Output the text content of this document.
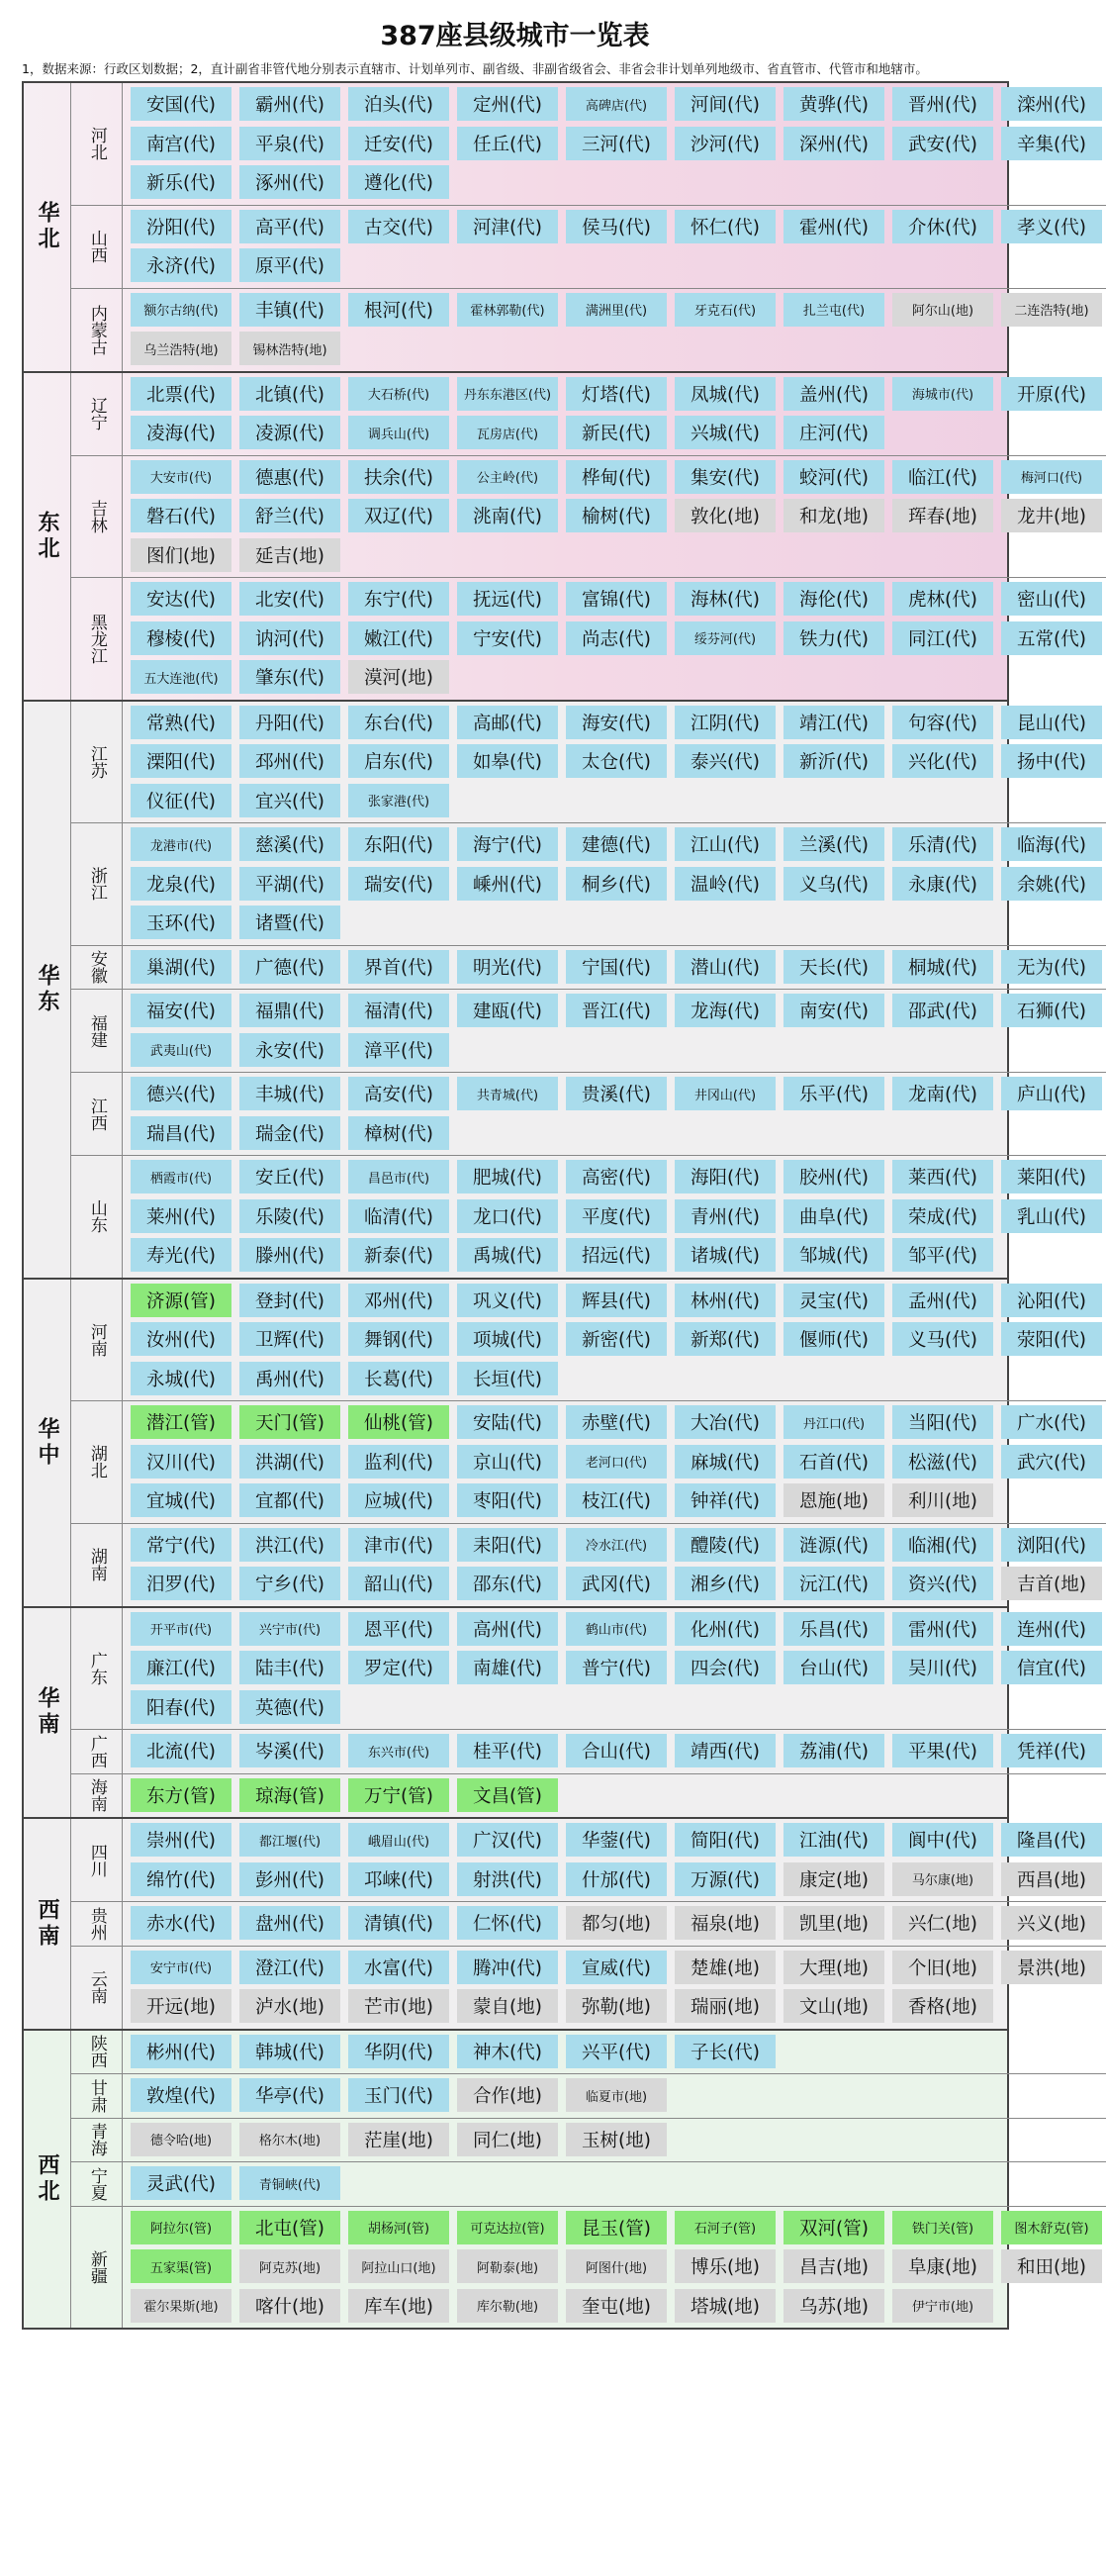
387座县级城市一览表
1，数据来源：行政区划数据；2，直计副省非管代地分别表示直辖市、计划单列市、副省级、非副省级省会、非省会非计划单列地级市、省直管市、代管市和地辖市。
华北
河北
安国(代)	霸州(代)	泊头(代)	定州(代)	高碑店(代)	河间(代)	黄骅(代)	晋州(代)	滦州(代)
南宫(代)	平泉(代)	迁安(代)	任丘(代)	三河(代)	沙河(代)	深州(代)	武安(代)	辛集(代)
新乐(代)	涿州(代)	遵化(代)
山西
汾阳(代)	高平(代)	古交(代)	河津(代)	侯马(代)	怀仁(代)	霍州(代)	介休(代)	孝义(代)
永济(代)	原平(代)
内蒙古	额尔古纳(代)	丰镇(代)	根河(代)	霍林郭勒(代)	满洲里(代)	牙克石(代)	扎兰屯(代)	阿尔山(地)	二连浩特(地)
乌兰浩特(地)	锡林浩特(地)
东北
辽宁
北票(代)	北镇(代)	大石桥(代)	丹东东港区(代)	灯塔(代)	凤城(代)	盖州(代)	海城市(代)	开原(代)
凌海(代)	凌源(代)	调兵山(代)	瓦房店(代)	新民(代)	兴城(代)	庄河(代)
吉林
大安市(代)	德惠(代)	扶余(代)	公主岭(代)	桦甸(代)	集安(代)	蛟河(代)	临江(代)	梅河口(代)
磐石(代)	舒兰(代)	双辽(代)	洮南(代)	榆树(代)	敦化(地)	和龙(地)	珲春(地)	龙井(地)
图们(地)	延吉(地)
黑龙江
安达(代)	北安(代)	东宁(代)	抚远(代)	富锦(代)	海林(代)	海伦(代)	虎林(代)	密山(代)
穆棱(代)	讷河(代)	嫩江(代)	宁安(代)	尚志(代)	绥芬河(代)	铁力(代)	同江(代)	五常(代)
五大连池(代)	肇东(代)	漠河(地)
华东
江苏
常熟(代)	丹阳(代)	东台(代)	高邮(代)	海安(代)	江阴(代)	靖江(代)	句容(代)	昆山(代)
溧阳(代)	邳州(代)	启东(代)	如皋(代)	太仓(代)	泰兴(代)	新沂(代)	兴化(代)	扬中(代)
仪征(代)	宜兴(代)	张家港(代)
浙江
龙港市(代)	慈溪(代)	东阳(代)	海宁(代)	建德(代)	江山(代)	兰溪(代)	乐清(代)	临海(代)
龙泉(代)	平湖(代)	瑞安(代)	嵊州(代)	桐乡(代)	温岭(代)	义乌(代)	永康(代)	余姚(代)
玉环(代)	诸暨(代)
安徽	巢湖(代)	广德(代)	界首(代)	明光(代)	宁国(代)	潜山(代)	天长(代)	桐城(代)	无为(代)
福建
福安(代)	福鼎(代)	福清(代)	建瓯(代)	晋江(代)	龙海(代)	南安(代)	邵武(代)	石狮(代)
武夷山(代)	永安(代)	漳平(代)
江西
德兴(代)	丰城(代)	高安(代)	共青城(代)	贵溪(代)	井冈山(代)	乐平(代)	龙南(代)	庐山(代)
瑞昌(代)	瑞金(代)	樟树(代)
山东
栖霞市(代)	安丘(代)	昌邑市(代)	肥城(代)	高密(代)	海阳(代)	胶州(代)	莱西(代)	莱阳(代)
莱州(代)	乐陵(代)	临清(代)	龙口(代)	平度(代)	青州(代)	曲阜(代)	荣成(代)	乳山(代)
寿光(代)	滕州(代)	新泰(代)	禹城(代)	招远(代)	诸城(代)	邹城(代)	邹平(代)
华中
河南
济源(管)	登封(代)	邓州(代)	巩义(代)	辉县(代)	林州(代)	灵宝(代)	孟州(代)	沁阳(代)
汝州(代)	卫辉(代)	舞钢(代)	项城(代)	新密(代)	新郑(代)	偃师(代)	义马(代)	荥阳(代)
永城(代)	禹州(代)	长葛(代)	长垣(代)
湖北
潜江(管)	天门(管)	仙桃(管)	安陆(代)	赤壁(代)	大冶(代)	丹江口(代)	当阳(代)	广水(代)
汉川(代)	洪湖(代)	监利(代)	京山(代)	老河口(代)	麻城(代)	石首(代)	松滋(代)	武穴(代)
宜城(代)	宜都(代)	应城(代)	枣阳(代)	枝江(代)	钟祥(代)	恩施(地)	利川(地)
湖南
常宁(代)	洪江(代)	津市(代)	耒阳(代)	冷水江(代)	醴陵(代)	涟源(代)	临湘(代)	浏阳(代)
汨罗(代)	宁乡(代)	韶山(代)	邵东(代)	武冈(代)	湘乡(代)	沅江(代)	资兴(代)	吉首(地)
华南
广东
开平市(代)	兴宁市(代)	恩平(代)	高州(代)	鹤山市(代)	化州(代)	乐昌(代)	雷州(代)	连州(代)
廉江(代)	陆丰(代)	罗定(代)	南雄(代)	普宁(代)	四会(代)	台山(代)	吴川(代)	信宜(代)
阳春(代)	英德(代)
广西	北流(代)	岑溪(代)	东兴市(代)	桂平(代)	合山(代)	靖西(代)	荔浦(代)	平果(代)	凭祥(代)
海南	东方(管)	琼海(管)	万宁(管)	文昌(管)
西南
四川
崇州(代)	都江堰(代)	峨眉山(代)	广汉(代)	华蓥(代)	简阳(代)	江油(代)	阆中(代)	隆昌(代)
绵竹(代)	彭州(代)	邛崃(代)	射洪(代)	什邡(代)	万源(代)	康定(地)	马尔康(地)	西昌(地)
贵州	赤水(代)	盘州(代)	清镇(代)	仁怀(代)	都匀(地)	福泉(地)	凯里(地)	兴仁(地)	兴义(地)
云南
安宁市(代)	澄江(代)	水富(代)	腾冲(代)	宣威(代)	楚雄(地)	大理(地)	个旧(地)	景洪(地)
开远(地)	泸水(地)	芒市(地)	蒙自(地)	弥勒(地)	瑞丽(地)	文山(地)	香格(地)
西北
陕西	彬州(代)	韩城(代)	华阴(代)	神木(代)	兴平(代)	子长(代)
甘肃	敦煌(代)	华亭(代)	玉门(代)	合作(地)	临夏市(地)
青海	德令哈(地)	格尔木(地)	茫崖(地)	同仁(地)	玉树(地)
宁夏	灵武(代)	青铜峡(代)
新疆
阿拉尔(管)	北屯(管)	胡杨河(管)	可克达拉(管)	昆玉(管)	石河子(管)	双河(管)	铁门关(管)	图木舒克(管)
五家渠(管)	阿克苏(地)	阿拉山口(地)	阿勒泰(地)	阿图什(地)	博乐(地)	昌吉(地)	阜康(地)	和田(地)
霍尔果斯(地)	喀什(地)	库车(地)	库尔勒(地)	奎屯(地)	塔城(地)	乌苏(地)	伊宁市(地)
